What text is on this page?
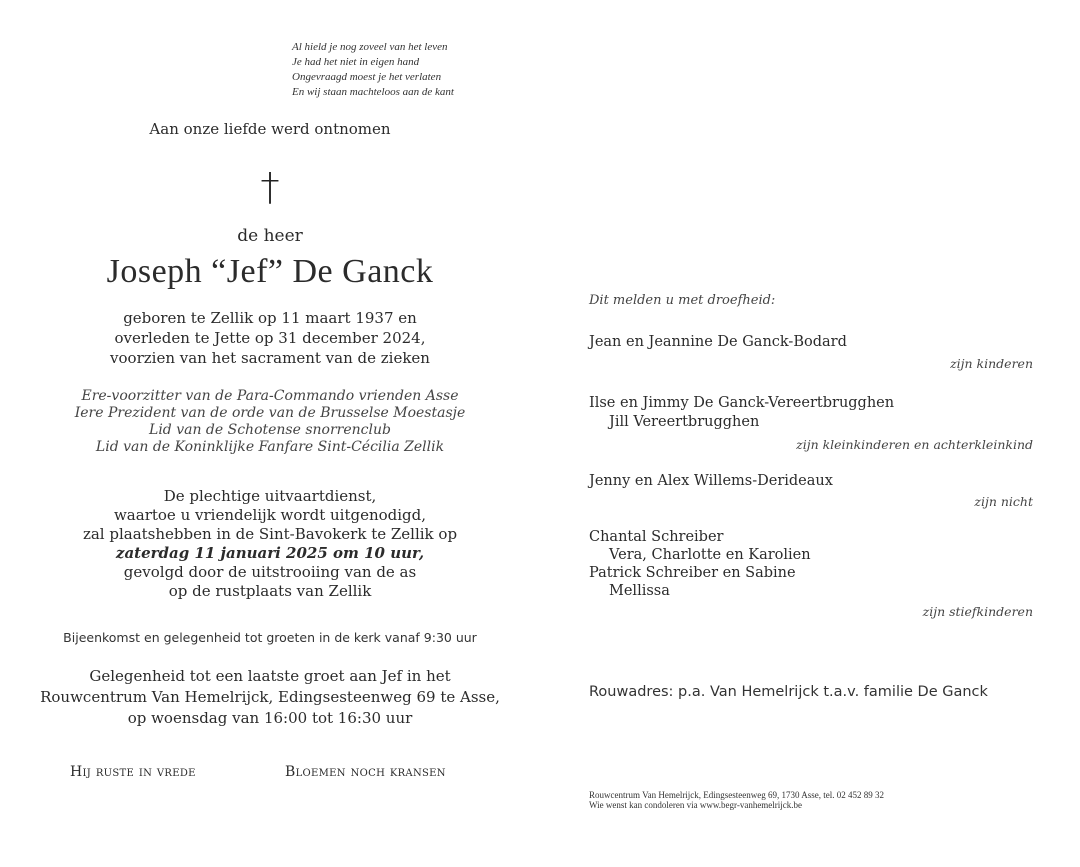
Al hield je nog zoveel van het leven
Je had het niet in eigen hand
Ongevraagd moest je het verlaten
En wij staan machteloos aan de kant
Aan onze liefde werd ontnomen
†
de heer
Joseph “Jef” De Ganck
geboren te Zellik op 11 maart 1937 en
overleden te Jette op 31 december 2024,
voorzien van het sacrament van de zieken
Ere-voorzitter van de Para-Commando vrienden Asse
Iere Prezident van de orde van de Brusselse Moestasje
Lid van de Schotense snorrenclub
Lid van de Koninklijke Fanfare Sint-Cécilia Zellik
De plechtige uitvaartdienst,
waartoe u vriendelijk wordt uitgenodigd,
zal plaatshebben in de Sint-Bavokerk te Zellik op
zaterdag 11 januari 2025 om 10 uur,
gevolgd door de uitstrooiing van de as
op de rustplaats van Zellik
Bijeenkomst en gelegenheid tot groeten in de kerk vanaf 9:30 uur
Gelegenheid tot een laatste groet aan Jef in het
Rouwcentrum Van Hemelrijck, Edingsesteenweg 69 te Asse,
op woensdag van 16:00 tot 16:30 uur
Hij ruste in vrede	Bloemen noch kransen
Dit melden u met droefheid:
Jean en Jeannine De Ganck-Bodard
zijn kinderen
Ilse en Jimmy De Ganck-Vereertbrugghen
Jill Vereertbrugghen
zijn kleinkinderen en achterkleinkind
Jenny en Alex Willems-Derideaux
zijn nicht
Chantal Schreiber
Vera, Charlotte en Karolien
Patrick Schreiber en Sabine
Mellissa
zijn stiefkinderen
Rouwadres: p.a. Van Hemelrijck t.a.v. familie De Ganck
Rouwcentrum Van Hemelrijck, Edingsesteenweg 69, 1730 Asse, tel. 02 452 89 32
Wie wenst kan condoleren via www.begr-vanhemelrijck.be
